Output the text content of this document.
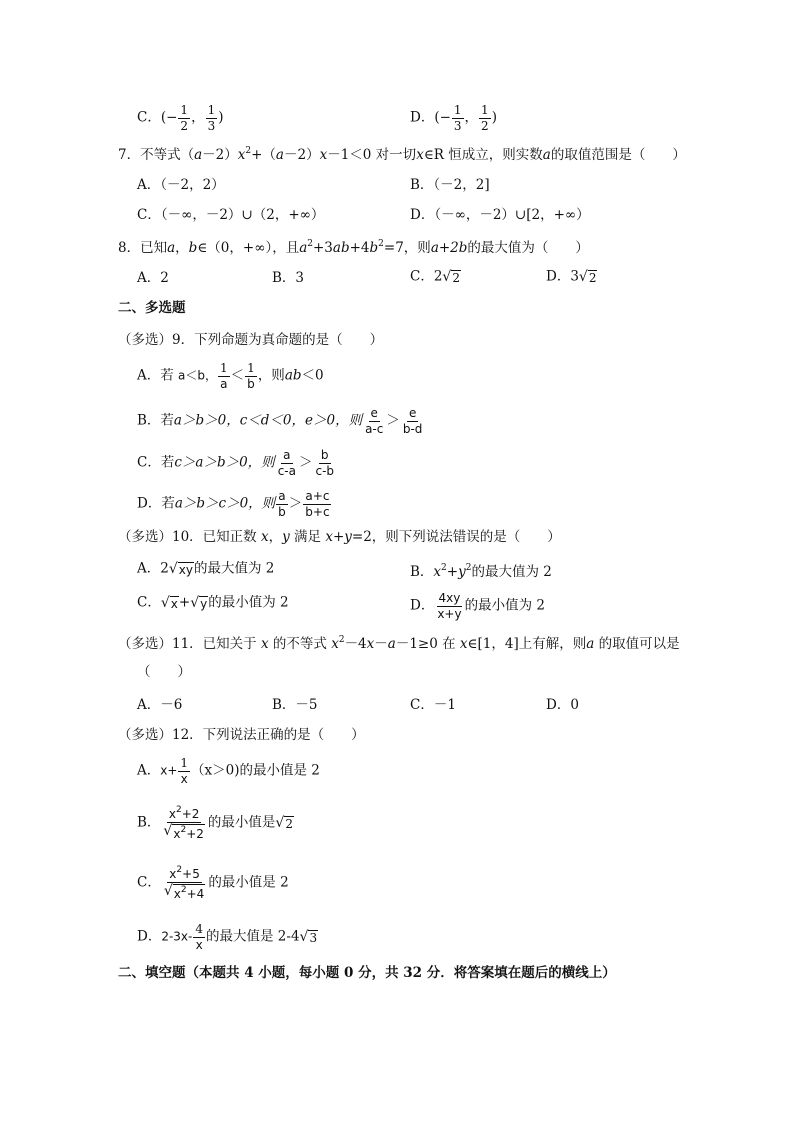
C．(− $\frac{1}{2}$ ， $\frac{1}{3}$ )	D．(− $\frac{1}{3}$ ， $\frac{1}{2}$ )
7．不等式$(a-2)x^2+(a-2)x-1<0$ 对一切x∈R 恒成立，则实数a的取值范围是（　　）
A．（－2，2）	B．（－2，2]
C．（－∞，－2）∪（2，+∞）	D．（－∞，－2）∪[2，+∞）
8．已知a，b∈（0，+∞），且$a^2+3ab+4b^2=7$，则a+2b的最大值为（　　）
A．2	B．3	C．2 √ 2	D．3 √ 2
二、多选题
（多选）9．下列命题为真命题的是（　　）
A．若 a＜b， $\frac{1}{a} < \frac{1}{b}$ ，则ab＜0
B．若a＞b＞0，c＜d＜0，e＞0，则 $\frac{e}{a-c} > \frac{e}{b-d}$
C．若c＞a＞b＞0，则 $\frac{a}{c-a} > \frac{b}{c-b}$
D．若a＞b＞c＞0，则 $\frac{a}{b} > \frac{a+c}{b+c}$
（多选）10．已知正数 x，y 满足 x+y=2，则下列说法错误的是（　　）
A．2 √ xy 的最大值为 2	B．$x^2+y^2$的最大值为 2
C． √ x + √ y 的最小值为 2	D． $\frac{4xy}{x+y}$ 的最小值为 2
（多选）11．已知关于 x 的不等式 $x^2-4x-a-1\ge 0$ 在 x∈[1，4]上有解，则a 的取值可以是
（　　）
A．－6	B．－5	C．－1	D．0
（多选）12．下列说法正确的是（　　）
A．$x+ \frac{1}{x} (x>0)$的最小值是 2
B． $\frac{x^2+2}{√ x^2+2}$ 的最小值是 √ 2
C． $\frac{x^2+5}{√ x^2+4}$ 的最小值是 2
D．$2-3x- \frac{4}{x}$ 的最大值是 2-4 √ 3
二、填空题（本题共 4 小题，每小题 0 分，共 32 分．将答案填在题后的横线上）
